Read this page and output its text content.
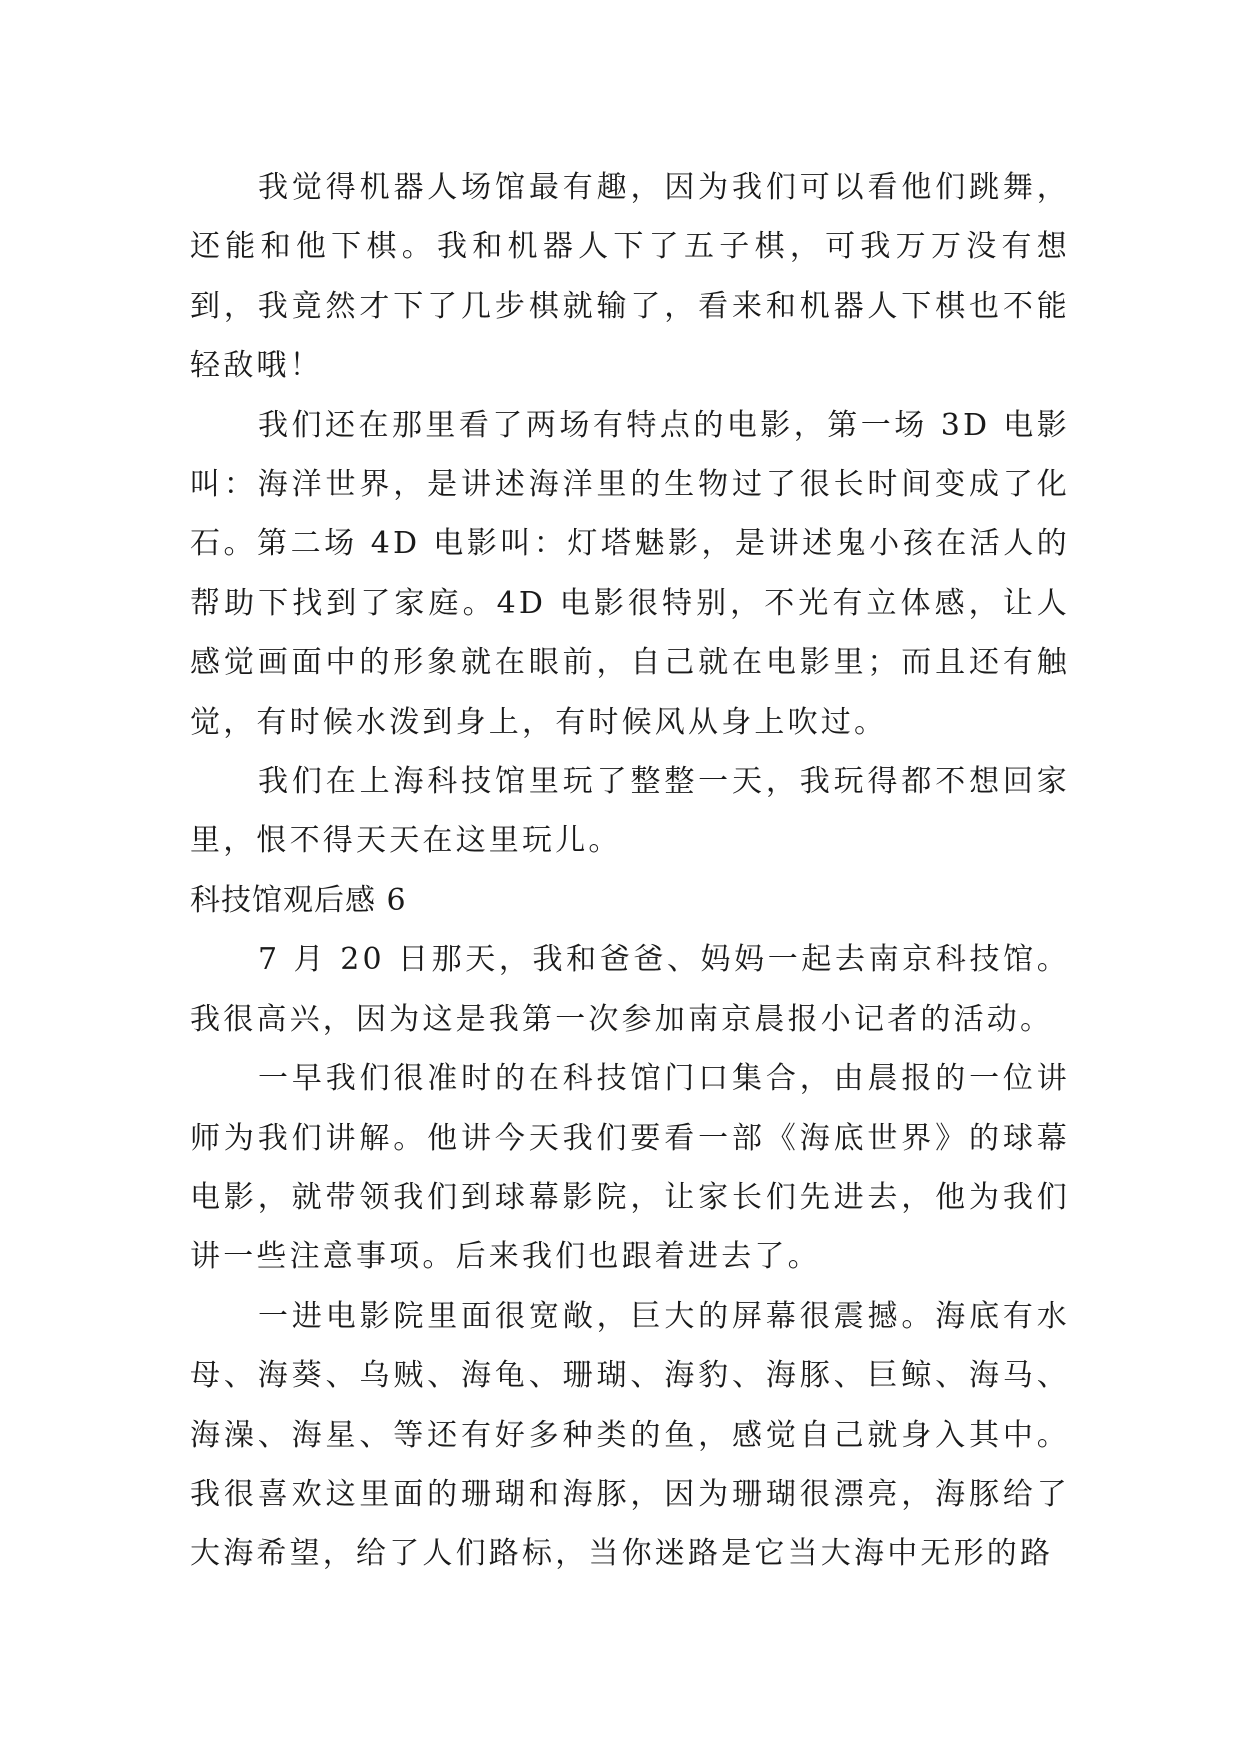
我觉得机器人场馆最有趣，因为我们可以看他们跳舞，还能和他下棋。我和机器人下了五子棋，可我万万没有想到，我竟然才下了几步棋就输了，看来和机器人下棋也不能轻敌哦！

我们还在那里看了两场有特点的电影，第一场 3D 电影叫：海洋世界，是讲述海洋里的生物过了很长时间变成了化石。第二场 4D 电影叫：灯塔魅影，是讲述鬼小孩在活人的帮助下找到了家庭。4D 电影很特别，不光有立体感，让人感觉画面中的形象就在眼前，自己就在电影里；而且还有触觉，有时候水泼到身上，有时候风从身上吹过。

我们在上海科技馆里玩了整整一天，我玩得都不想回家里，恨不得天天在这里玩儿。

科技馆观后感 6

7 月 20 日那天，我和爸爸、妈妈一起去南京科技馆。我很高兴，因为这是我第一次参加南京晨报小记者的活动。

一早我们很准时的在科技馆门口集合，由晨报的一位讲师为我们讲解。他讲今天我们要看一部《海底世界》的球幕电影，就带领我们到球幕影院，让家长们先进去，他为我们讲一些注意事项。后来我们也跟着进去了。

一进电影院里面很宽敞，巨大的屏幕很震撼。海底有水母、海葵、乌贼、海龟、珊瑚、海豹、海豚、巨鲸、海马、海澡、海星、等还有好多种类的鱼，感觉自己就身入其中。我很喜欢这里面的珊瑚和海豚，因为珊瑚很漂亮，海豚给了大海希望，给了人们路标，当你迷路是它当大海中无形的路
